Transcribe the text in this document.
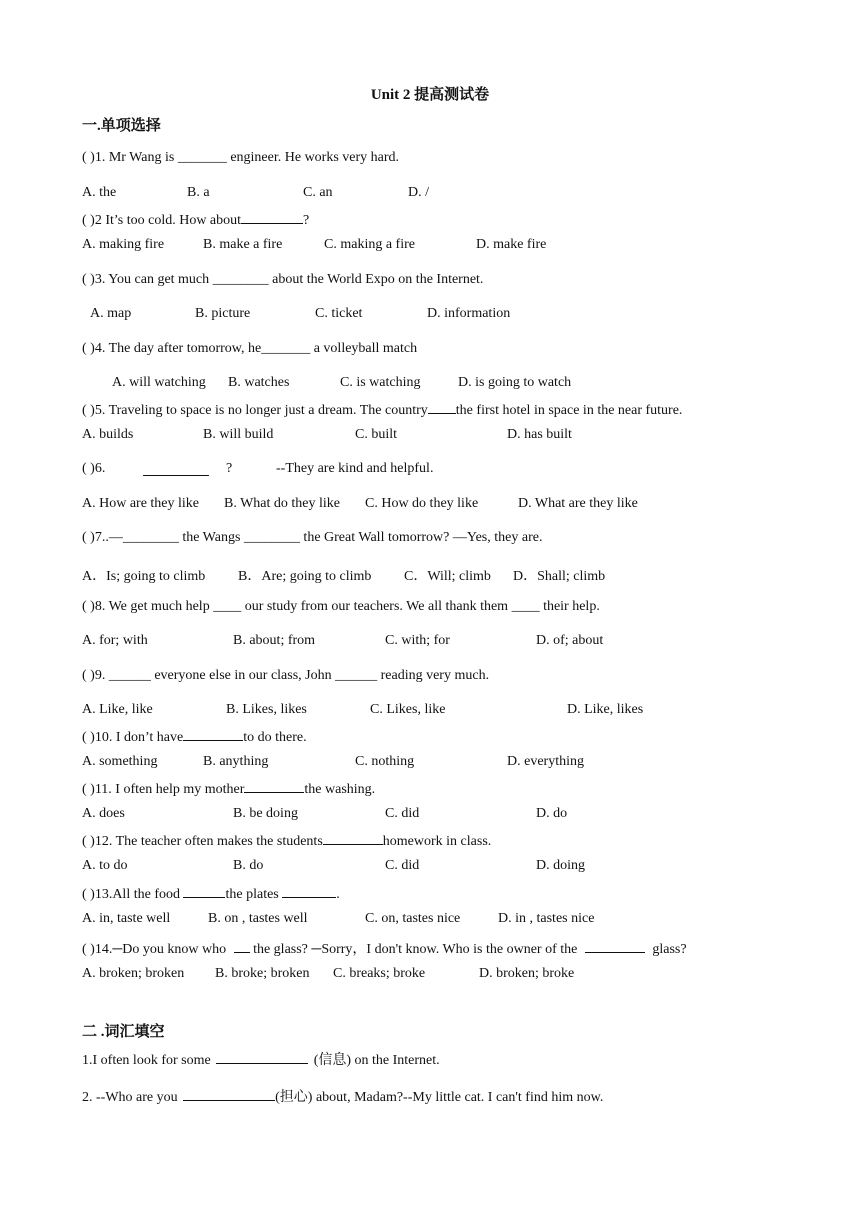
Unit 2 提高测试卷
一.单项选择
( )1. Mr Wang is _______ engineer. He works very hard.
A. the	B. a	C. an	D. /
( )2 It’s too cold. How about	?
A. making fire	B. make a fire	C. making a fire	D. make fire
( )3. You can get much ________ about the World Expo on the Internet.
A. map	B. picture	C. ticket	D. information
( )4. The day after tomorrow, he_______ a volleyball match
A. will watching B. watches	C. is watching	D. is going to watch
( )5. Traveling to space is no longer just a dream. The country the first hotel in space in the near future.
A. builds	B. will build	C. built	D. has built
( )6.	?	--They are kind and helpful.
A. How are they like B. What do they like C. How do they like	D. What are they like
( )7..—________ the Wangs ________ the Great Wall tomorrow? —Yes, they are.
A．Is; going to climb B．Are; going to climb C．Will; climb D．Shall; climb
( )8. We get much help ____ our study from our teachers. We all thank them ____ their help.
A. for; with	B. about; from	C. with; for	D. of; about
( )9. ______ everyone else in our class, John ______ reading very much.
A. Like, like	B. Likes, likes	C. Likes, like	D. Like, likes
( )10. I don’t have	to do there.
A. something	B. anything	C. nothing	D. everything
( )11. I often help my mother	the washing.
A. does	B. be doing	C. did	D. do
( )12. The teacher often makes the students	homework in class.
A. to do	B. do	C. did	D. doing
( )13.All the food	the plates	.
A. in, taste well	B. on , tastes well	C. on, tastes nice	D. in , tastes nice
( )14.─Do you know who  the glass? ─Sorry，I don't know. Who is the owner of the	glass?
A. broken; broken B. broke; broken C. breaks; broke	D. broken; broke
二 .词汇填空
1.I often look for some	(信息) on the Internet.
2. --Who are you	(担心) about, Madam?--My little cat. I can't find him now.
